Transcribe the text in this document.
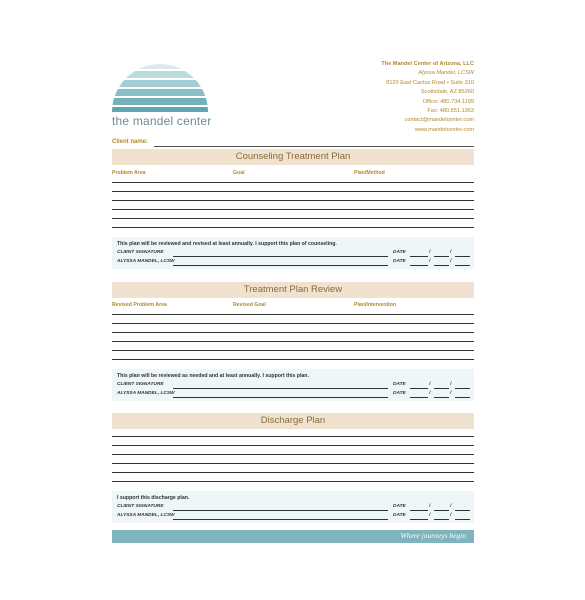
the mandel center
The Mandel Center of Arizona, LLC
Alyssa Mandel, LCSW
8120 East Cactus Road • Suite 310
Scottsdale, AZ 85260
Office: 480.734.1199
Fax: 480.551.1363
contact@mandelcenter.com
www.mandelcenter.com
Client name:
Counseling Treatment Plan
Problem Area	Goal	Plan/Method
This plan will be reviewed and revised at least annually. I support this plan of counseling.
CLIENT SIGNATURE	DATE	/	/
ALYSSA MANDEL, LCSW	DATE	/	/
Treatment Plan Review
Revised Problem Area	Revised Goal	Plan/Intervention
This plan will be reviewed as needed and at least annually. I support this plan.
CLIENT SIGNATURE	DATE	/	/
ALYSSA MANDEL, LCSW	DATE	/	/
Discharge Plan
I support this discharge plan.
CLIENT SIGNATURE	DATE	/	/
ALYSSA MANDEL, LCSW	DATE	/	/
Where journeys begin
